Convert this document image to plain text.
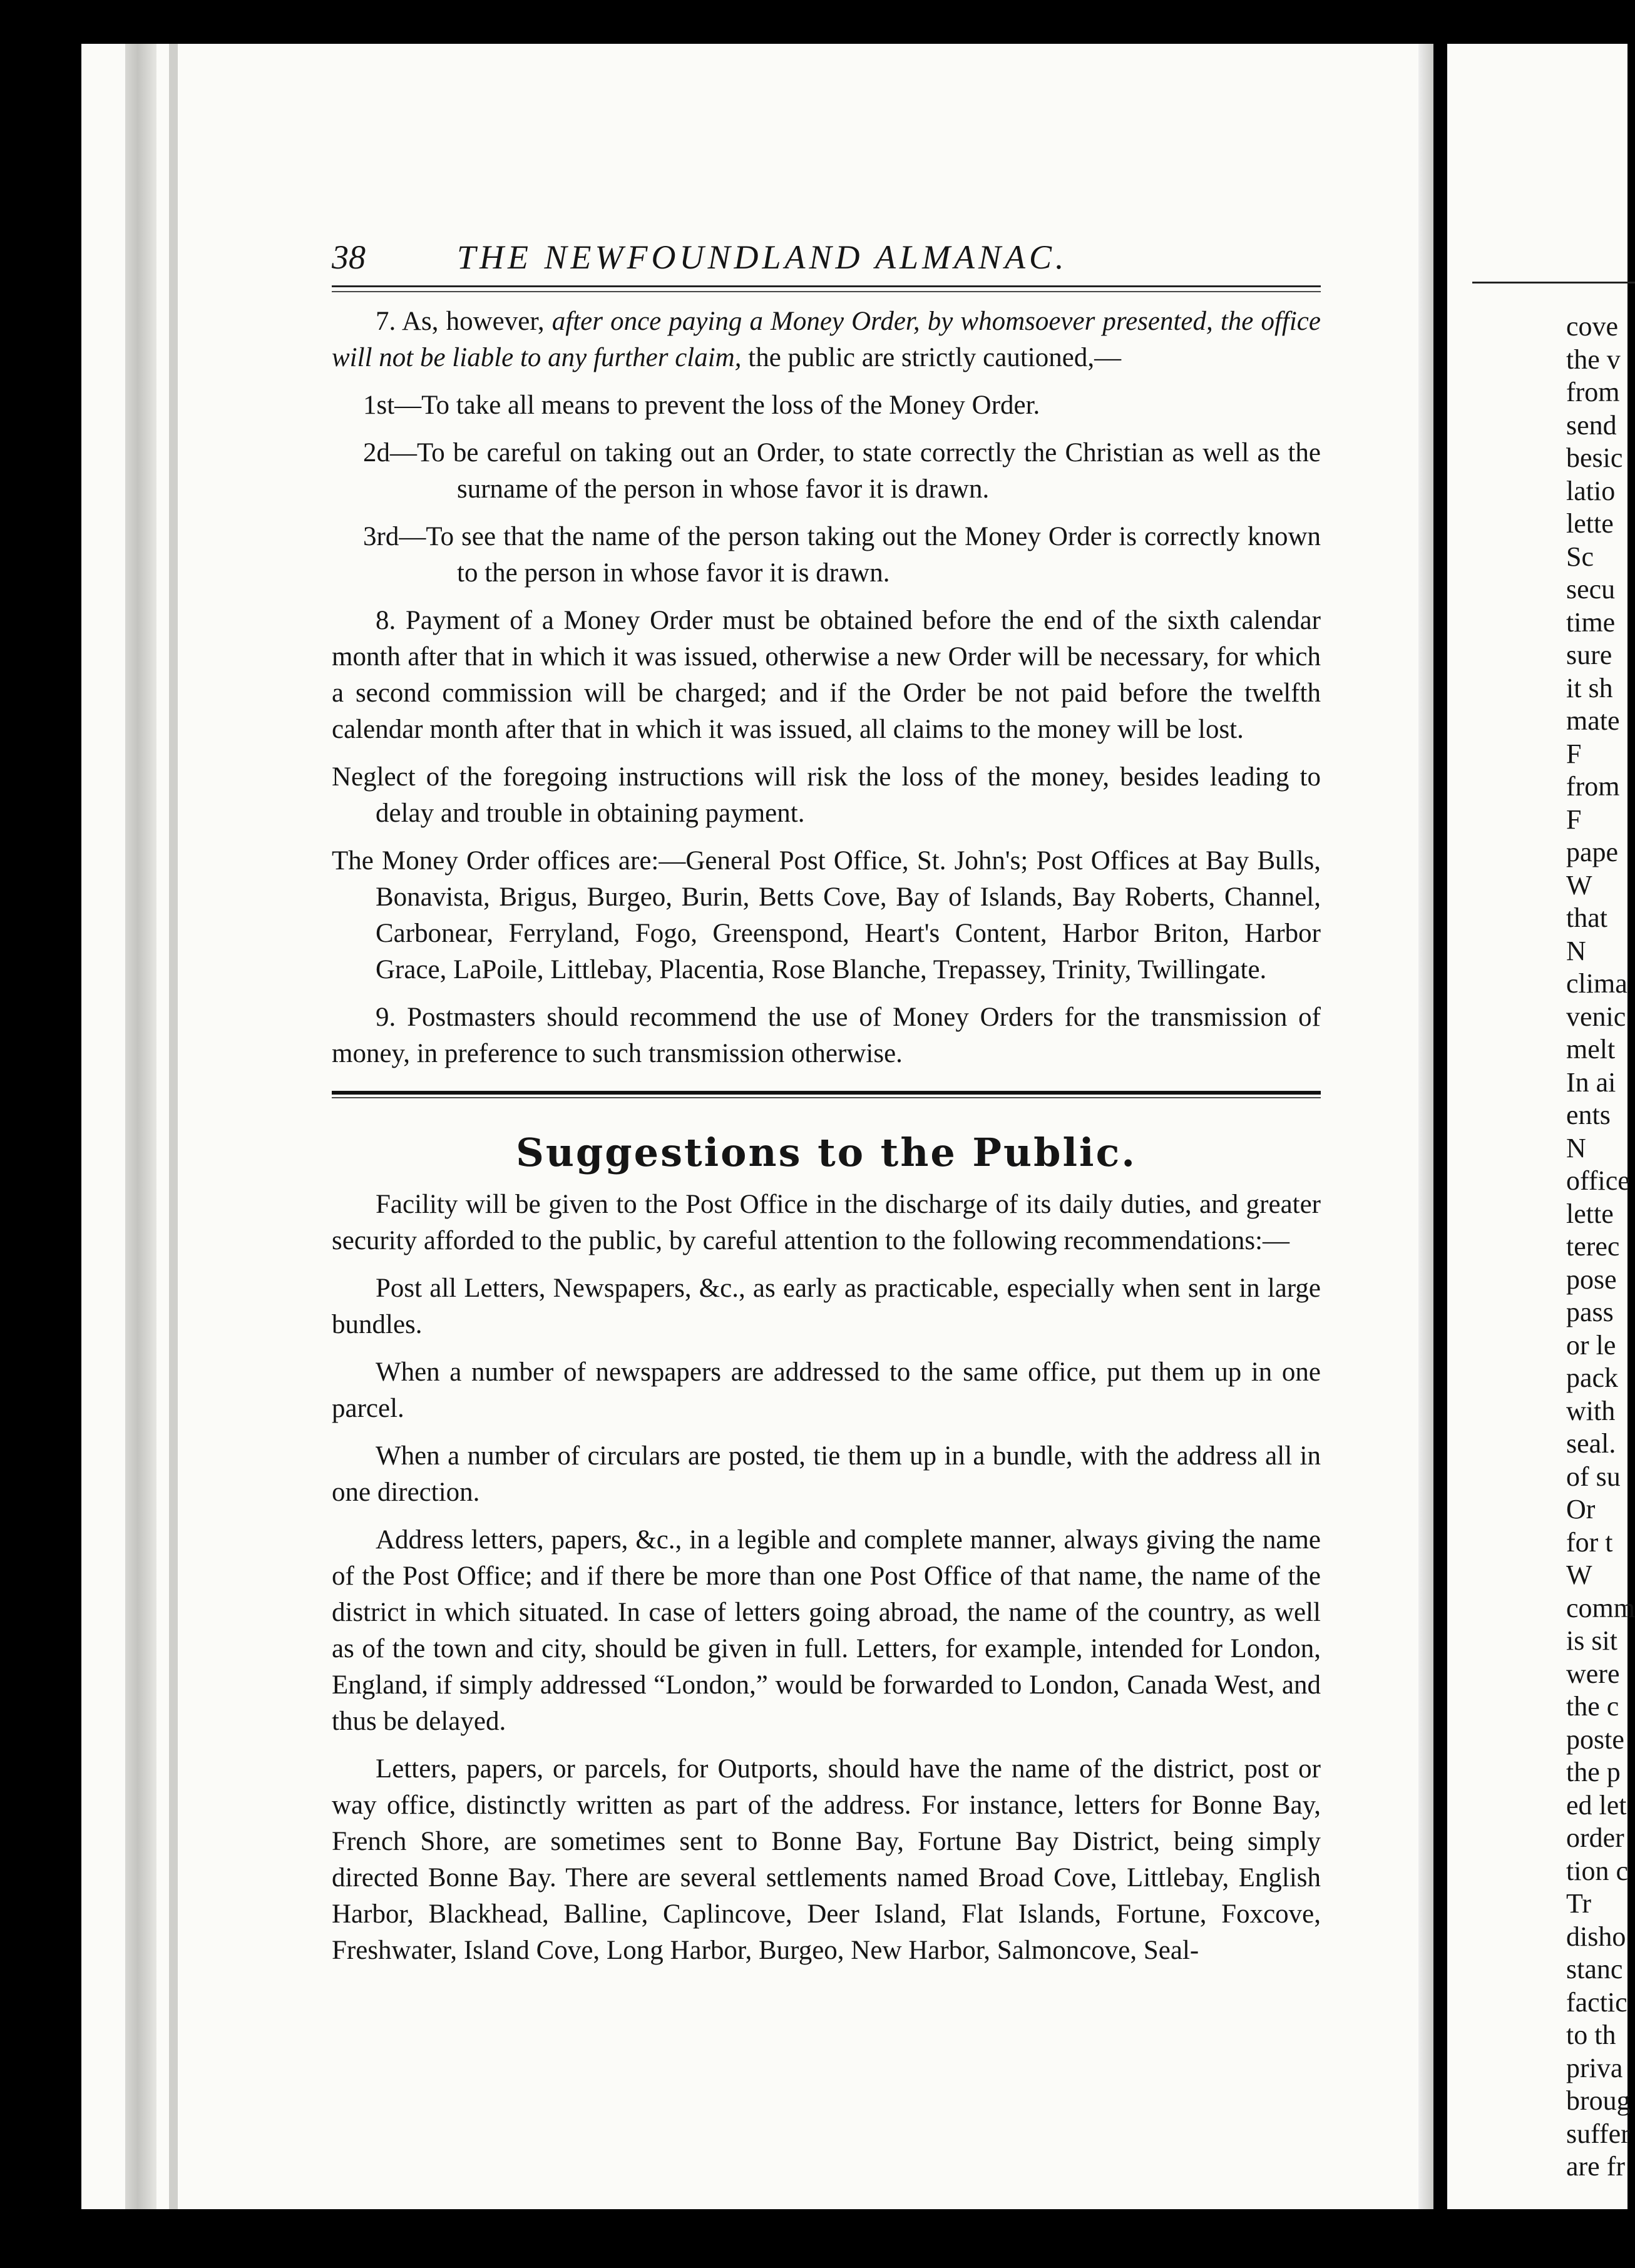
cove
the v
from
send
besic
latio
lette
Sc
secu
time
sure
it sh
mate
F
from
F
pape
W
that
N
clima
venic
melt
In ai
ents
N
office
lette
terec
pose
pass
or le
pack
with
seal.
of su
Or
for t
W
comm
is sit
were
the c
poste
the p
ed let
order
tion c
Tr
disho
stanc
factic
to th
priva
broug
suffer
are fr
38	THE NEWFOUNDLAND ALMANAC.

7. As, however, after once paying a Money Order, by whomsoever presented, the office will not be liable to any further claim, the public are strictly cautioned,—

1st—To take all means to prevent the loss of the Money Order.

2d—To be careful on taking out an Order, to state correctly the Christian as well as the surname of the person in whose favor it is drawn.

3rd—To see that the name of the person taking out the Money Order is correctly known to the person in whose favor it is drawn.

8. Payment of a Money Order must be obtained before the end of the sixth calendar month after that in which it was issued, otherwise a new Order will be necessary, for which a second commission will be charged; and if the Order be not paid before the twelfth calendar month after that in which it was issued, all claims to the money will be lost.

Neglect of the foregoing instructions will risk the loss of the money, besides leading to delay and trouble in obtaining payment.

The Money Order offices are:—General Post Office, St. John's; Post Offices at Bay Bulls, Bonavista, Brigus, Burgeo, Burin, Betts Cove, Bay of Islands, Bay Roberts, Channel, Carbonear, Ferryland, Fogo, Greenspond, Heart's Content, Harbor Briton, Harbor Grace, LaPoile, Littlebay, Placentia, Rose Blanche, Trepassey, Trinity, Twillingate.

9. Postmasters should recommend the use of Money Orders for the transmission of money, in preference to such transmission otherwise.

Suggestions to the Public.

Facility will be given to the Post Office in the discharge of its daily duties, and greater security afforded to the public, by careful attention to the following recommendations:—

Post all Letters, Newspapers, &c., as early as practicable, especially when sent in large bundles.

When a number of newspapers are addressed to the same office, put them up in one parcel.

When a number of circulars are posted, tie them up in a bundle, with the address all in one direction.

Address letters, papers, &c., in a legible and complete manner, always giving the name of the Post Office; and if there be more than one Post Office of that name, the name of the district in which situated. In case of letters going abroad, the name of the country, as well as of the town and city, should be given in full. Letters, for example, intended for London, England, if simply addressed “London,” would be forwarded to London, Canada West, and thus be delayed.

Letters, papers, or parcels, for Outports, should have the name of the district, post or way office, distinctly written as part of the address. For instance, letters for Bonne Bay, French Shore, are sometimes sent to Bonne Bay, Fortune Bay District, being simply directed Bonne Bay. There are several settlements named Broad Cove, Littlebay, English Harbor, Blackhead, Balline, Caplincove, Deer Island, Flat Islands, Fortune, Foxcove, Freshwater, Island Cove, Long Harbor, Burgeo, New Harbor, Salmoncove, Seal-
